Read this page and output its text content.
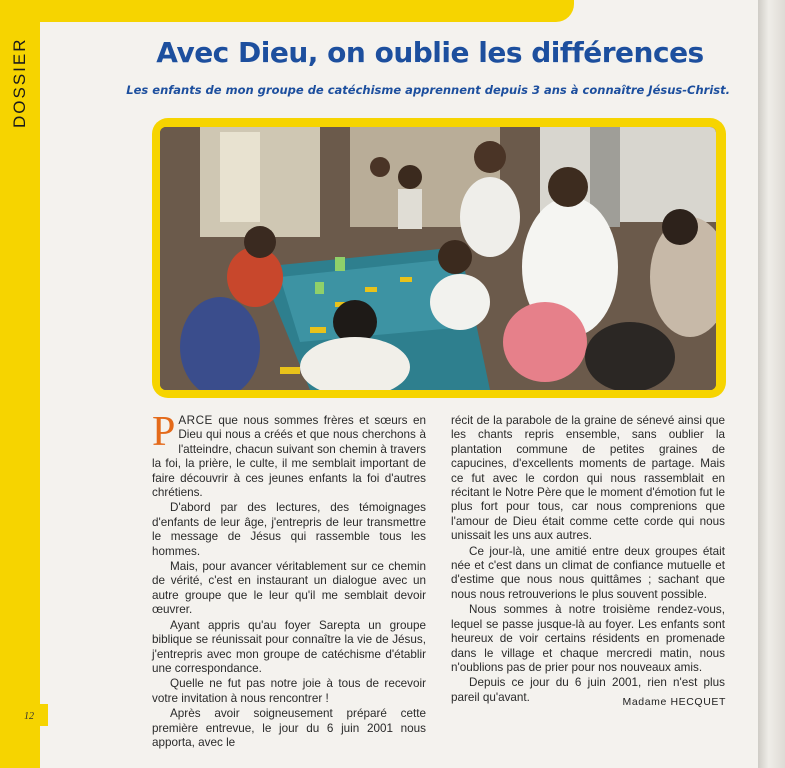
DOSSIER	Avec Dieu, on oublie les différences

Les enfants de mon groupe de catéchisme apprennent depuis 3 ans à connaître Jésus-Christ.

PARCE que nous sommes frères et sœurs en Dieu qui nous a créés et que nous cherchons à l'atteindre, chacun suivant son chemin à travers la foi, la prière, le culte, il me semblait important de faire découvrir à ces jeunes enfants la foi d'autres chrétiens.

D'abord par des lectures, des témoignages d'enfants de leur âge, j'entrepris de leur transmettre le message de Jésus qui rassemble tous les hommes.

Mais, pour avancer véritablement sur ce chemin de vérité, c'est en instaurant un dialogue avec un autre groupe que le leur qu'il me semblait devoir œuvrer.

Ayant appris qu'au foyer Sarepta un groupe biblique se réunissait pour connaître la vie de Jésus, j'entrepris avec mon groupe de catéchisme d'établir une correspondance.

Quelle ne fut pas notre joie à tous de recevoir votre invitation à nous rencontrer !

Après avoir soigneusement préparé cette première entrevue, le jour du 6 juin 2001 nous apporta, avec le

récit de la parabole de la graine de sénevé ainsi que les chants repris ensemble, sans oublier la plantation commune de petites graines de capucines, d'excellents moments de partage. Mais ce fut avec le cordon qui nous rassemblait en récitant le Notre Père que le moment d'émotion fut le plus fort pour tous, car nous comprenions que l'amour de Dieu était comme cette corde qui nous unissait les uns aux autres.

Ce jour-là, une amitié entre deux groupes était née et c'est dans un climat de confiance mutuelle et d'estime que nous nous quittâmes ; sachant que nous nous retrouverions le plus souvent possible.

Nous sommes à notre troisième rendez-vous, lequel se passe jusque-là au foyer. Les enfants sont heureux de voir certains résidents en promenade dans le village et chaque mercredi matin, nous n'oublions pas de prier pour nos nouveaux amis.

Depuis ce jour du 6 juin 2001, rien n'est plus pareil qu'avant.	Madame HECQUET
12
